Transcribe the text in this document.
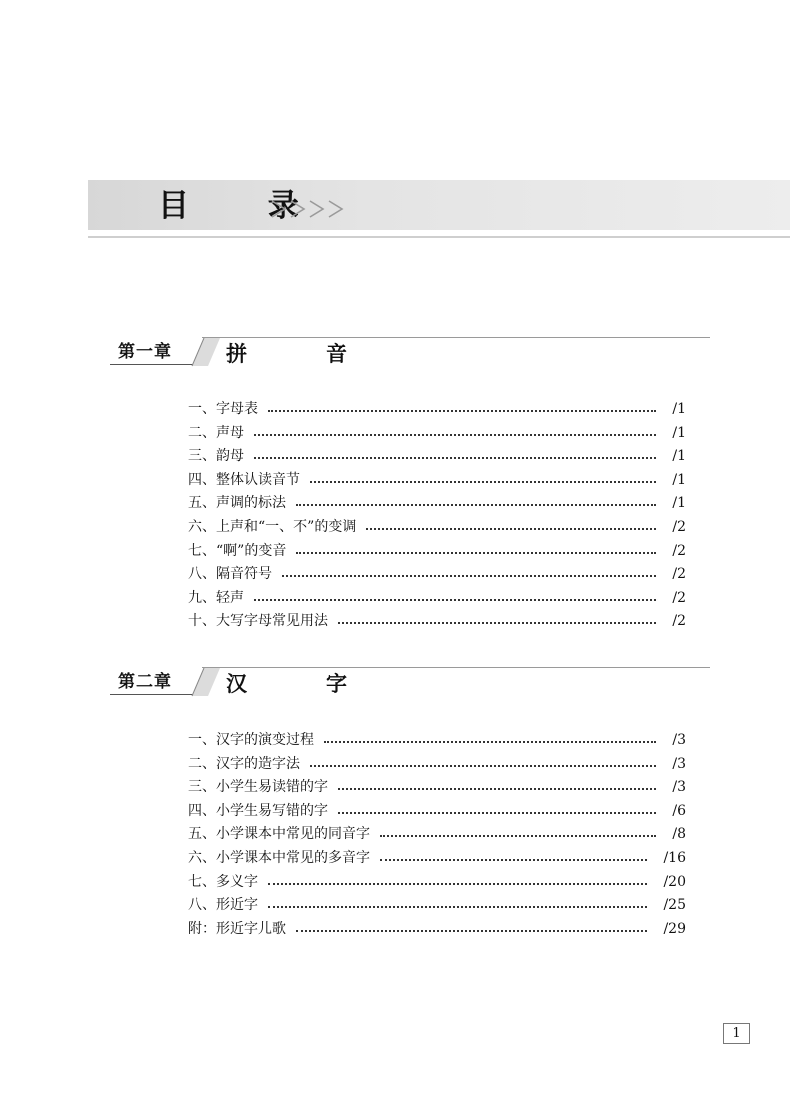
目 录
第一章	拼	音
一、字母表	/1
二、声母	/1
三、韵母	/1
四、整体认读音节	/1
五、声调的标法	/1
六、上声和“一、不”的变调	/2
七、“啊”的变音	/2
八、隔音符号	/2
九、轻声	/2
十、大写字母常见用法	/2
第二章	汉	字
一、汉字的演变过程	/3
二、汉字的造字法	/3
三、小学生易读错的字	/3
四、小学生易写错的字	/6
五、小学课本中常见的同音字	/8
六、小学课本中常见的多音字	/16
七、多义字	/20
八、形近字	/25
附：形近字儿歌	/29
1
